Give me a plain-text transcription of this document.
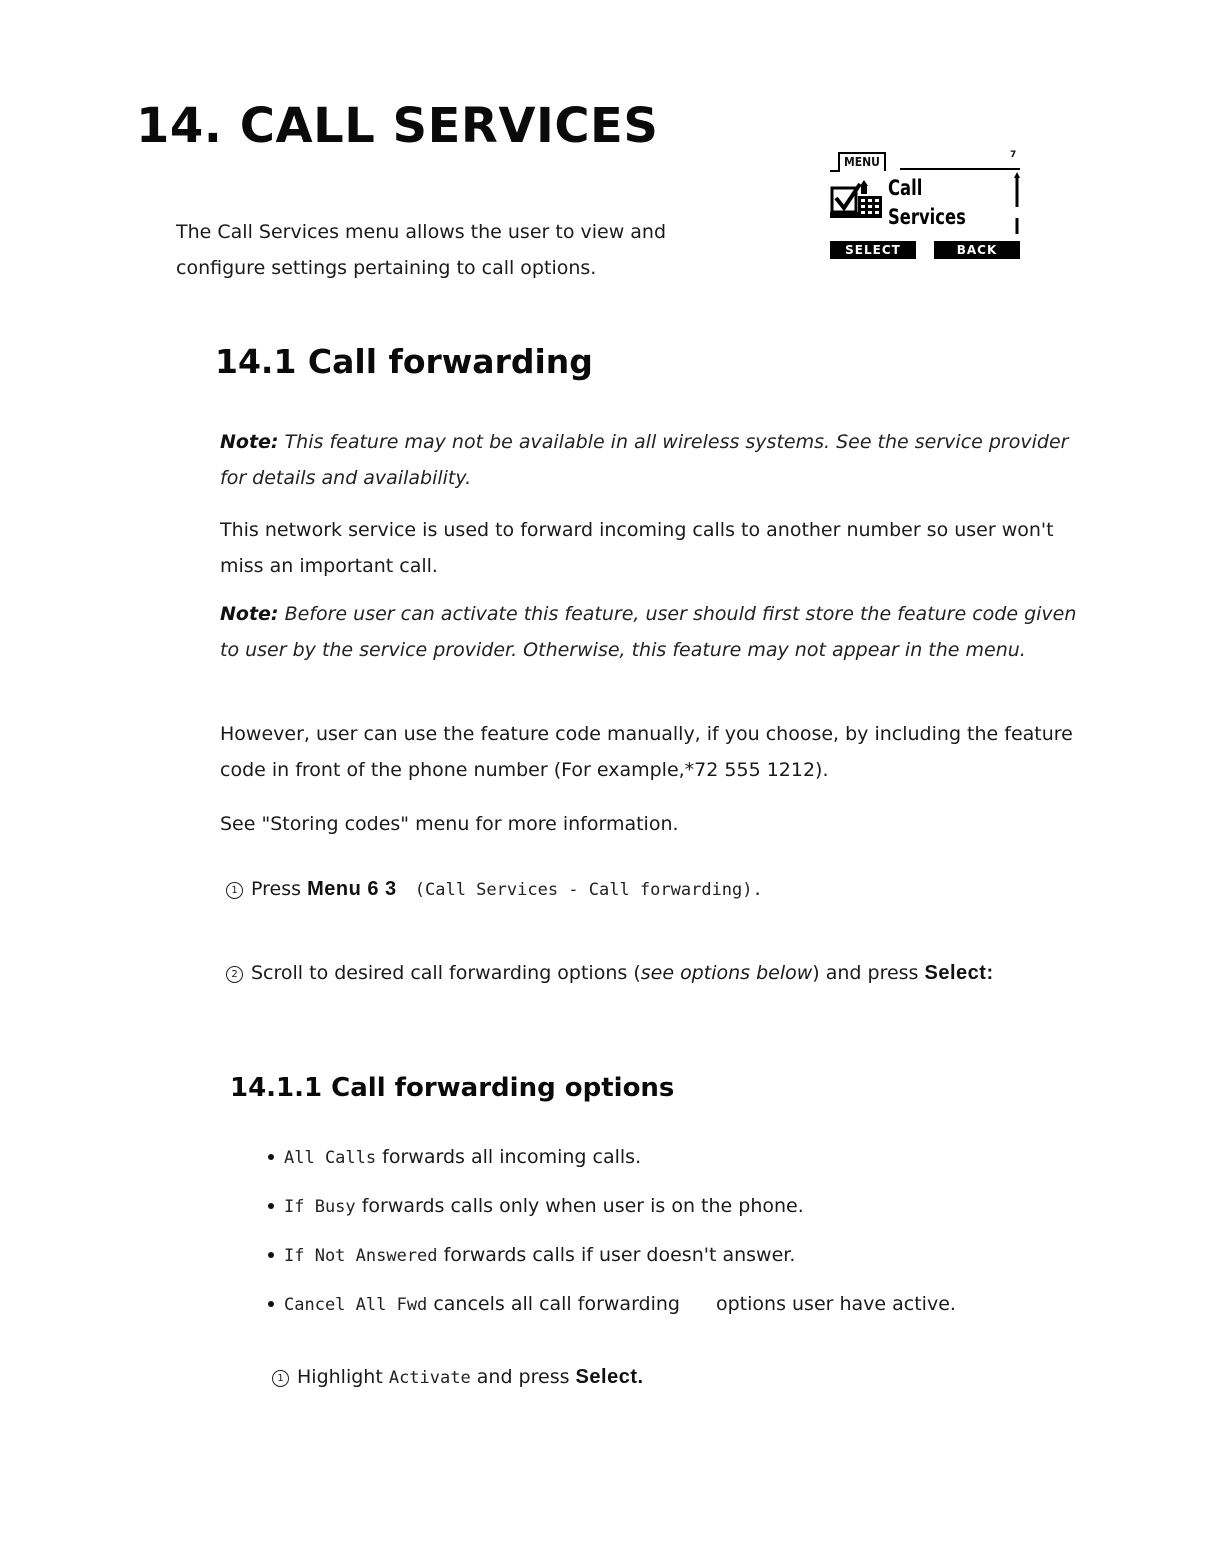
14. CALL SERVICES

The Call Services menu allows the user to view and configure settings pertaining to call options.

MENU	7
Call
Services
SELECT	BACK
14.1 Call forwarding

Note: This feature may not be available in all wireless systems. See the service provider for details and availability.

This network service is used to forward incoming calls to another number so user won't miss an important call.

Note: Before user can activate this feature, user should first store the feature code given to user by the service provider. Otherwise, this feature may not appear in the menu.

However, user can use the feature code manually, if you choose, by including the feature code in front of the phone number (For example,*72 555 1212).

See "Storing codes" menu for more information.

1 Press Menu 6 3 (Call Services - Call forwarding).

2 Scroll to desired call forwarding options (see options below) and press Select:

14.1.1 Call forwarding options
All Calls forwards all incoming calls.
If Busy forwards calls only when user is on the phone.
If Not Answered forwards calls if user doesn't answer.
Cancel All Fwd cancels all call forwarding options user have active.

1 Highlight Activate and press Select.
